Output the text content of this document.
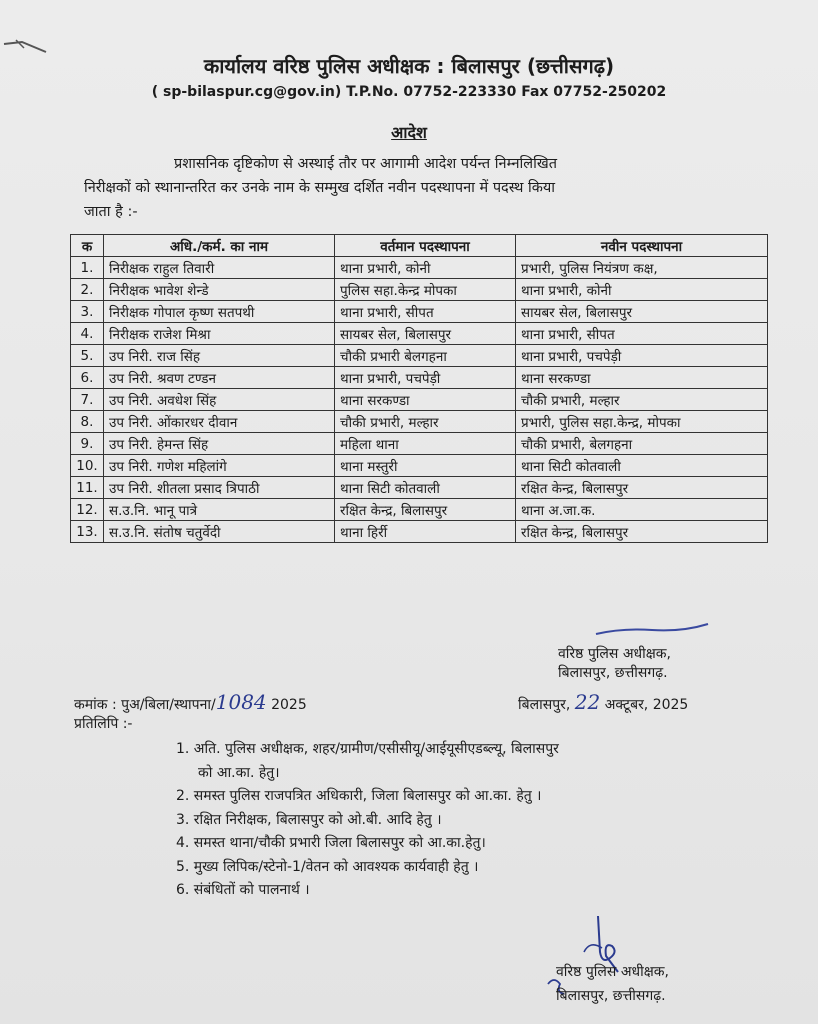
कार्यालय वरिष्ठ पुलिस अधीक्षक : बिलासपुर (छत्तीसगढ़)
( sp-bilaspur.cg@gov.in) T.P.No. 07752-223330 Fax 07752-250202
आदेश
प्रशासनिक दृष्टिकोण से अस्थाई तौर पर आगामी आदेश पर्यन्त निम्नलिखित
निरीक्षकों को स्थानान्तरित कर उनके नाम के सम्मुख दर्शित नवीन पदस्थापना में पदस्थ किया
जाता है :-
क	अधि./कर्म. का नाम	वर्तमान पदस्थापना	नवीन पदस्थापना
1.	निरीक्षक राहुल तिवारी	थाना प्रभारी, कोनी	प्रभारी, पुलिस नियंत्रण कक्ष,
2.	निरीक्षक भावेश शेन्डे	पुलिस सहा.केन्द्र मोपका	थाना प्रभारी, कोनी
3.	निरीक्षक गोपाल कृष्ण सतपथी	थाना प्रभारी, सीपत	सायबर सेल, बिलासपुर
4.	निरीक्षक राजेश मिश्रा	सायबर सेल, बिलासपुर	थाना प्रभारी, सीपत
5.	उप निरी. राज सिंह	चौकी प्रभारी बेलगहना	थाना प्रभारी, पचपेड़ी
6.	उप निरी. श्रवण टण्डन	थाना प्रभारी, पचपेड़ी	थाना सरकण्डा
7.	उप निरी. अवधेश सिंह	थाना सरकण्डा	चौकी प्रभारी, मल्हार
8.	उप निरी. ओंकारधर दीवान	चौकी प्रभारी, मल्हार	प्रभारी, पुलिस सहा.केन्द्र, मोपका
9.	उप निरी. हेमन्त सिंह	महिला थाना	चौकी प्रभारी, बेलगहना
10.	उप निरी. गणेश महिलांगे	थाना मस्तुरी	थाना सिटी कोतवाली
11.	उप निरी. शीतला प्रसाद त्रिपाठी	थाना सिटी कोतवाली	रक्षित केन्द्र, बिलासपुर
12.	स.उ.नि. भानू पात्रे	रक्षित केन्द्र, बिलासपुर	थाना अ.जा.क.
13.	स.उ.नि. संतोष चतुर्वेदी	थाना हिर्री	रक्षित केन्द्र, बिलासपुर
वरिष्ठ पुलिस अधीक्षक,
बिलासपुर, छत्तीसगढ़.
कमांक : पुअ/बिला/स्थापना/1084 2025	बिलासपुर, 22 अक्टूबर, 2025
प्रतिलिपि :-
1. अति. पुलिस अधीक्षक, शहर/ग्रामीण/एसीसीयू/आईयूसीएडब्ल्यू, बिलासपुर
को आ.का. हेतु।
2. समस्त पुलिस राजपत्रित अधिकारी, जिला बिलासपुर को आ.का. हेतु ।
3. रक्षित निरीक्षक, बिलासपुर को ओ.बी. आदि हेतु ।
4. समस्त थाना/चौकी प्रभारी जिला बिलासपुर को आ.का.हेतु।
5. मुख्य लिपिक/स्टेनो-1/वेतन को आवश्यक कार्यवाही हेतु ।
6. संबंधितों को पालनार्थ ।
वरिष्ठ पुलिस अधीक्षक,
बिलासपुर, छत्तीसगढ़.
